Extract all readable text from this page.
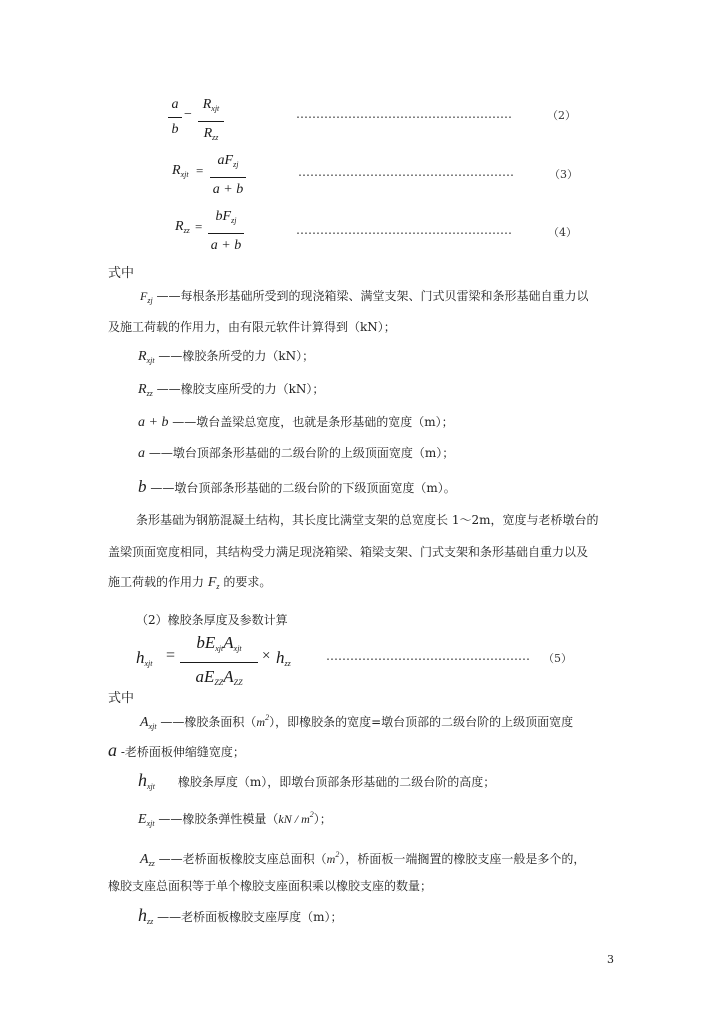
a
b
−
$R_{xjt}$
$R_{zz}$
………………………………………………	（2）
$R_{xjt}$ =
$aF_{zj}$
a + b
………………………………………………	（3）
$R_{zz}$ =
$bF_{zj}$
a + b
………………………………………………	（4）
式中
$F_{zj}$ ——每根条形基础所受到的现浇箱梁、满堂支架、门式贝雷梁和条形基础自重力以
及施工荷载的作用力，由有限元软件计算得到（kN）；
$R_{xjt}$ ——橡胶条所受的力（kN）；
$R_{zz}$ ——橡胶支座所受的力（kN）；
a + b ——墩台盖梁总宽度，也就是条形基础的宽度（m）；
a ——墩台顶部条形基础的二级台阶的上级顶面宽度（m）；
b ——墩台顶部条形基础的二级台阶的下级顶面宽度（m）。
条形基础为钢筋混凝土结构，其长度比满堂支架的总宽度长 1～2m，宽度与老桥墩台的
盖梁顶面宽度相同，其结构受力满足现浇箱梁、箱梁支架、门式支架和条形基础自重力以及
施工荷载的作用力 $F_z$ 的要求。
（2）橡胶条厚度及参数计算
$h_{xjt}$ =
$bE_{xjt}A_{xjt}$
$aE_{ZZ}A_{ZZ}$
× $h_{zz}$
…………………………………………… （5）
式中
$A_{xjt}$ ——橡胶条面积$(m^2)$，即橡胶条的宽度=墩台顶部的二级台阶的上级顶面宽度
a -老桥面板伸缩缝宽度；
$h_{xjt}$ 橡胶条厚度（m），即墩台顶部条形基础的二级台阶的高度；
$E_{xjt}$ ——橡胶条弹性模量$(kN / m^2)$；
$A_{zz}$ ——老桥面板橡胶支座总面积$(m^2)$，桥面板一端搁置的橡胶支座一般是多个的，
橡胶支座总面积等于单个橡胶支座面积乘以橡胶支座的数量；
$h_{zz}$ ——老桥面板橡胶支座厚度（m）；
3
